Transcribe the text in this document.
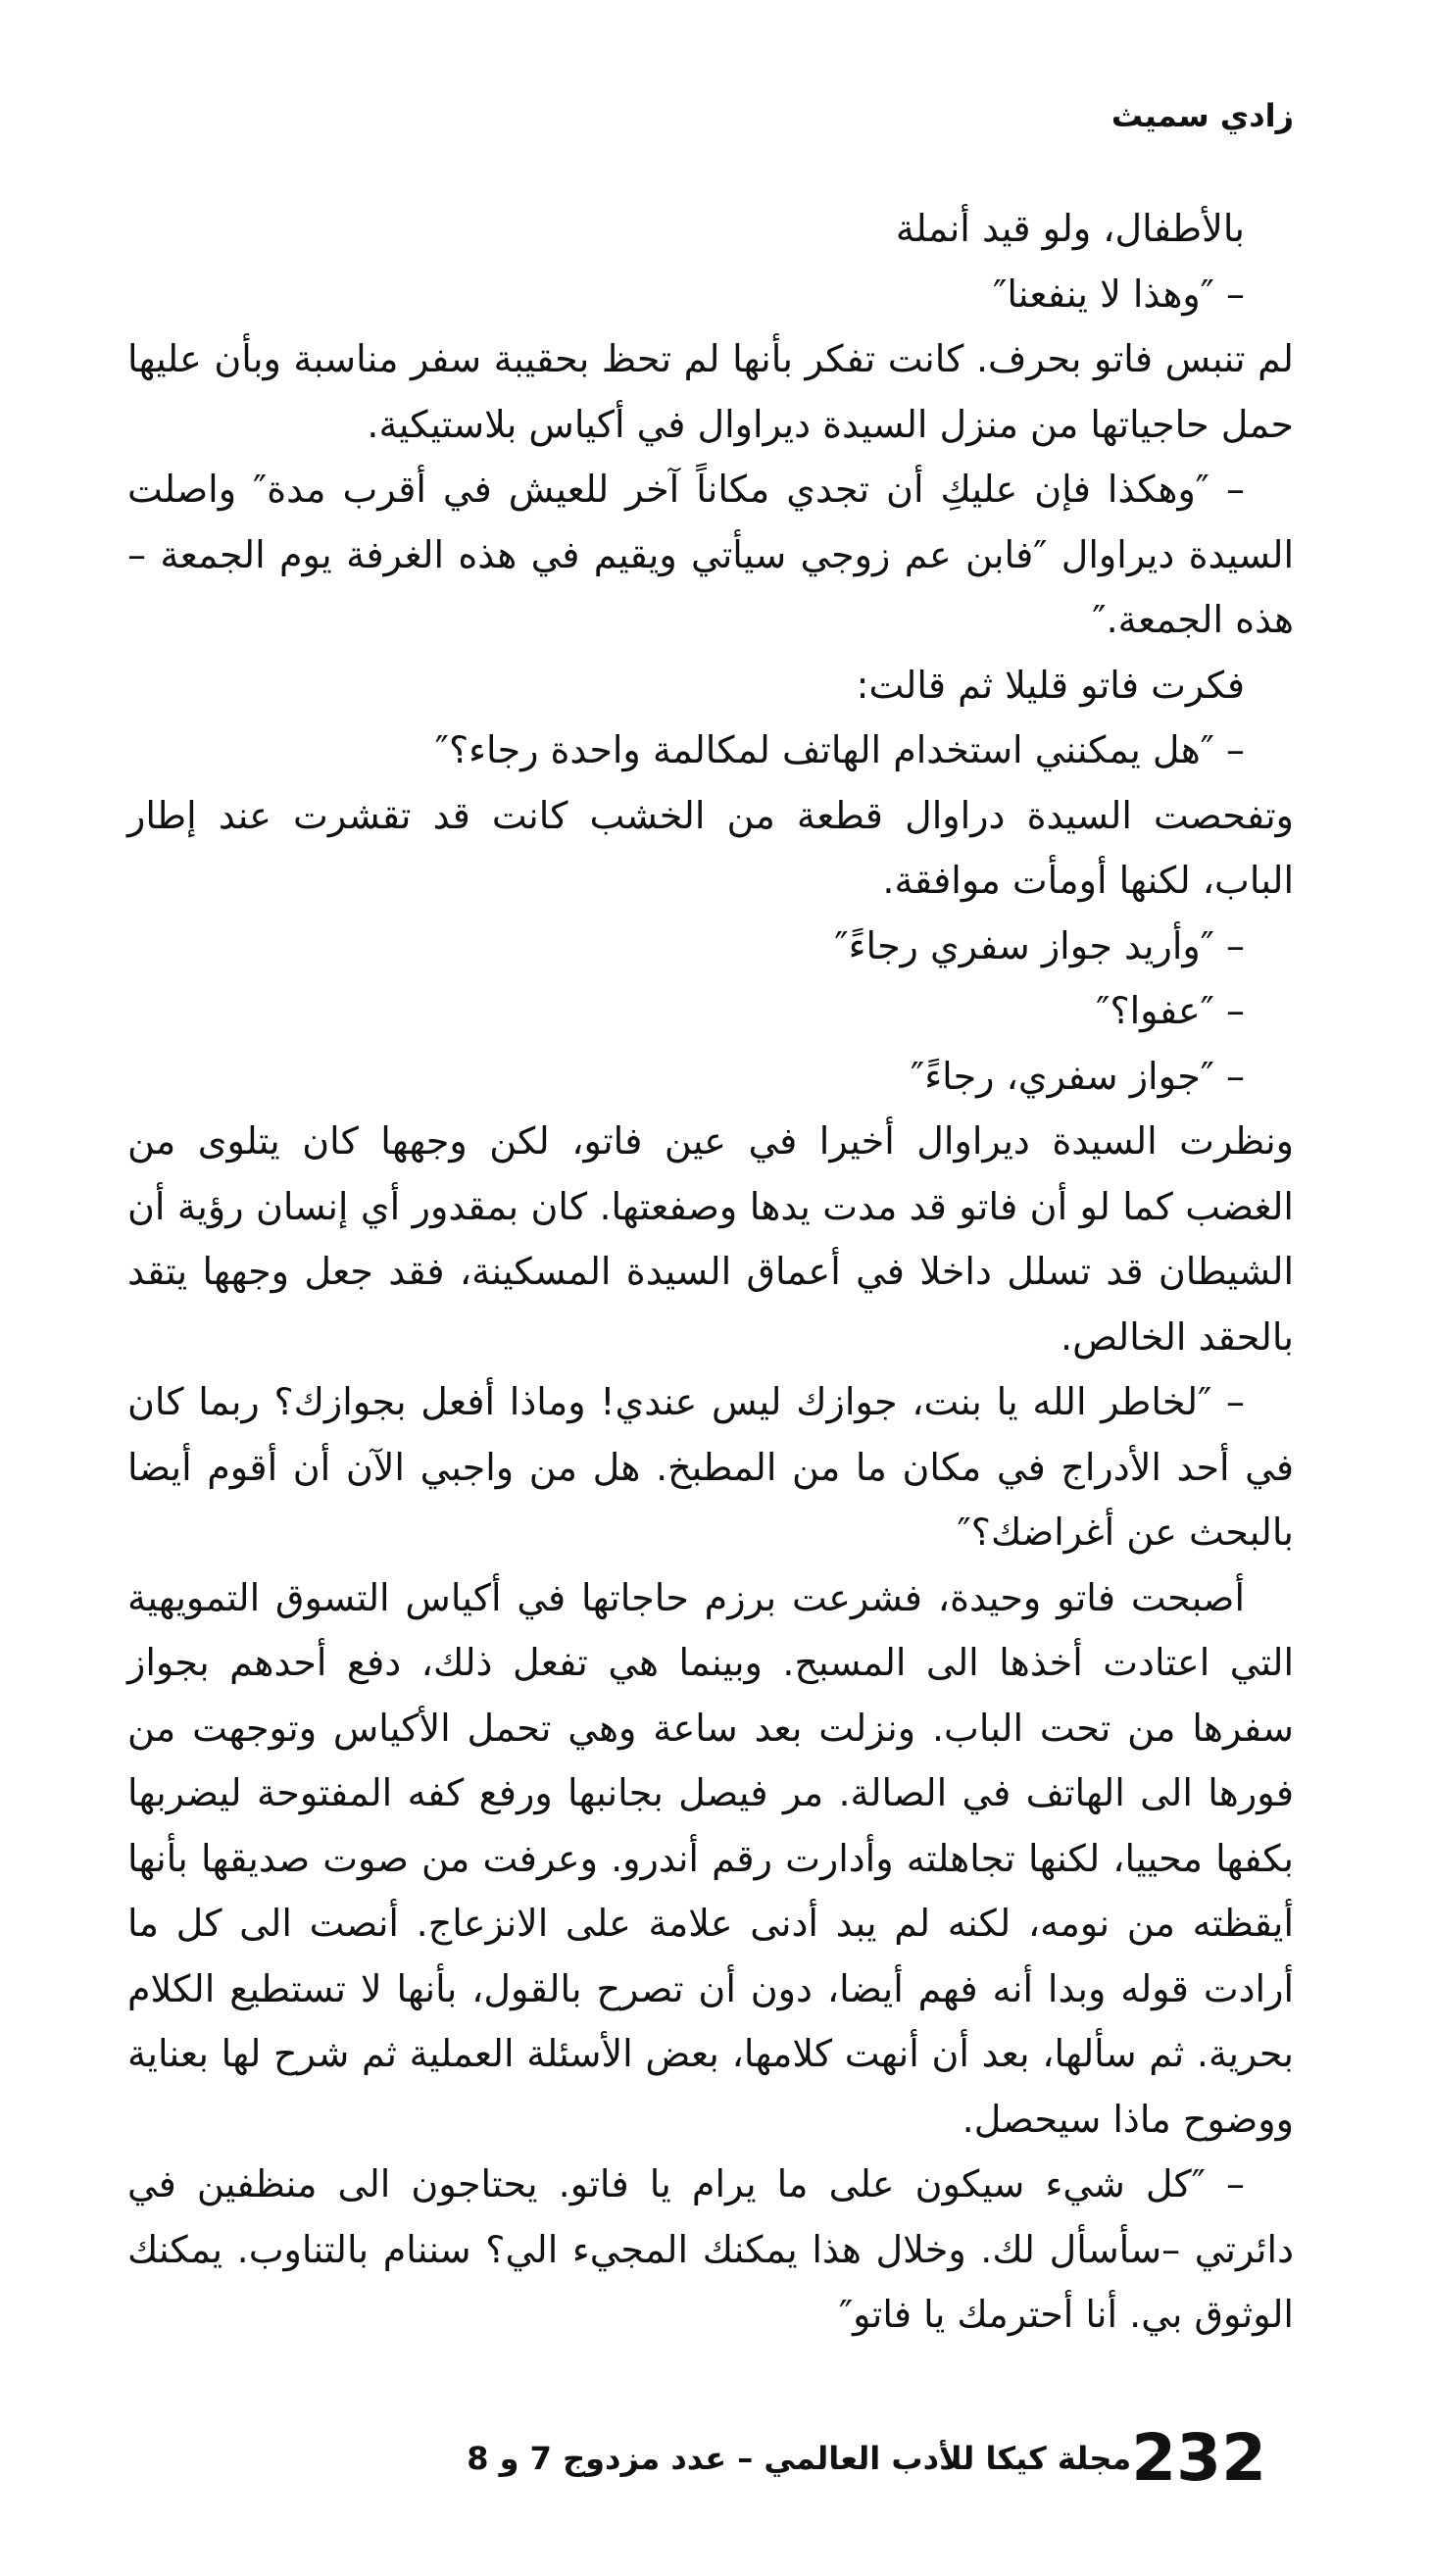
زادي سميث

بالأطفال، ولو قيد أنملة

– ″وهذا لا ينفعنا″

لم تنبس فاتو بحرف. كانت تفكر بأنها لم تحظ بحقيبة سفر مناسبة وبأن عليها حمل حاجياتها من منزل السيدة ديراوال في أكياس بلاستيكية.

– ″وهكذا فإن عليكِ أن تجدي مكاناً آخر للعيش في أقرب مدة″ واصلت السيدة ديراوال ″فابن عم زوجي سيأتي ويقيم في هذه الغرفة يوم الجمعة –هذه الجمعة.″

فكرت فاتو قليلا ثم قالت:

– ″هل يمكنني استخدام الهاتف لمكالمة واحدة رجاء؟″

وتفحصت السيدة دراوال قطعة من الخشب كانت قد تقشرت عند إطار الباب، لكنها أومأت موافقة.

– ″وأريد جواز سفري رجاءً″

– ″عفوا؟″

– ″جواز سفري، رجاءً″

ونظرت السيدة ديراوال أخيرا في عين فاتو، لكن وجهها كان يتلوى من الغضب كما لو أن فاتو قد مدت يدها وصفعتها. كان بمقدور أي إنسان رؤية أن الشيطان قد تسلل داخلا في أعماق السيدة المسكينة، فقد جعل وجهها يتقد بالحقد الخالص.

– ″لخاطر الله يا بنت، جوازك ليس عندي! وماذا أفعل بجوازك؟ ربما كان في أحد الأدراج في مكان ما من المطبخ. هل من واجبي الآن أن أقوم أيضا بالبحث عن أغراضك؟″

أصبحت فاتو وحيدة، فشرعت برزم حاجاتها في أكياس التسوق التمويهية التي اعتادت أخذها الى المسبح. وبينما هي تفعل ذلك، دفع أحدهم بجواز سفرها من تحت الباب. ونزلت بعد ساعة وهي تحمل الأكياس وتوجهت من فورها الى الهاتف في الصالة. مر فيصل بجانبها ورفع كفه المفتوحة ليضربها بكفها محييا، لكنها تجاهلته وأدارت رقم أندرو. وعرفت من صوت صديقها بأنها أيقظته من نومه، لكنه لم يبد أدنى علامة على الانزعاج. أنصت الى كل ما أرادت قوله وبدا أنه فهم أيضا، دون أن تصرح بالقول، بأنها لا تستطيع الكلام بحرية. ثم سألها، بعد أن أنهت كلامها، بعض الأسئلة العملية ثم شرح لها بعناية ووضوح ماذا سيحصل.

– ″كل شيء سيكون على ما يرام يا فاتو. يحتاجون الى منظفين في دائرتي –سأسأل لك. وخلال هذا يمكنك المجيء الي؟ سننام بالتناوب. يمكنك الوثوق بي. أنا أحترمك يا فاتو″

232
مجلة كيكا للأدب العالمي – عدد مزدوج 7 و 8
